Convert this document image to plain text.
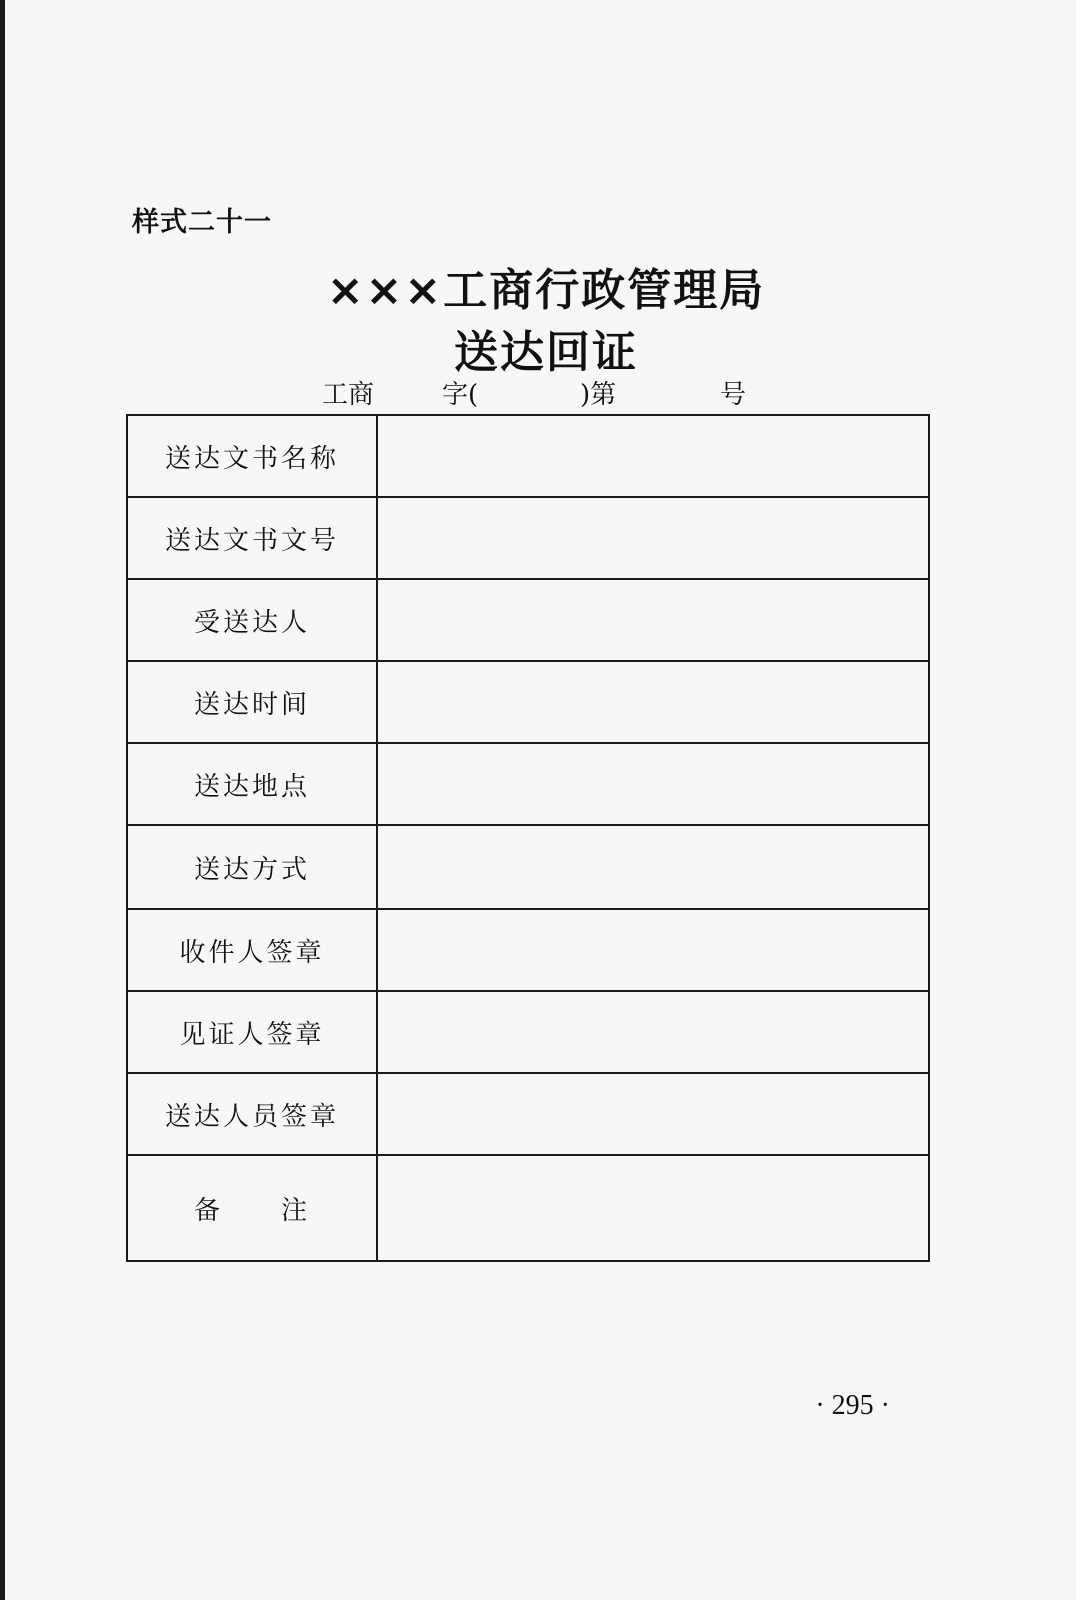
样式二十一
×××工商行政管理局
送达回证
工商	字(	)第	号
送达文书名称	
送达文书文号	
受送达人	
送达时间	
送达地点	
送达方式	
收件人签章	
见证人签章	
送达人员签章	
备　　注	
· 295 ·
